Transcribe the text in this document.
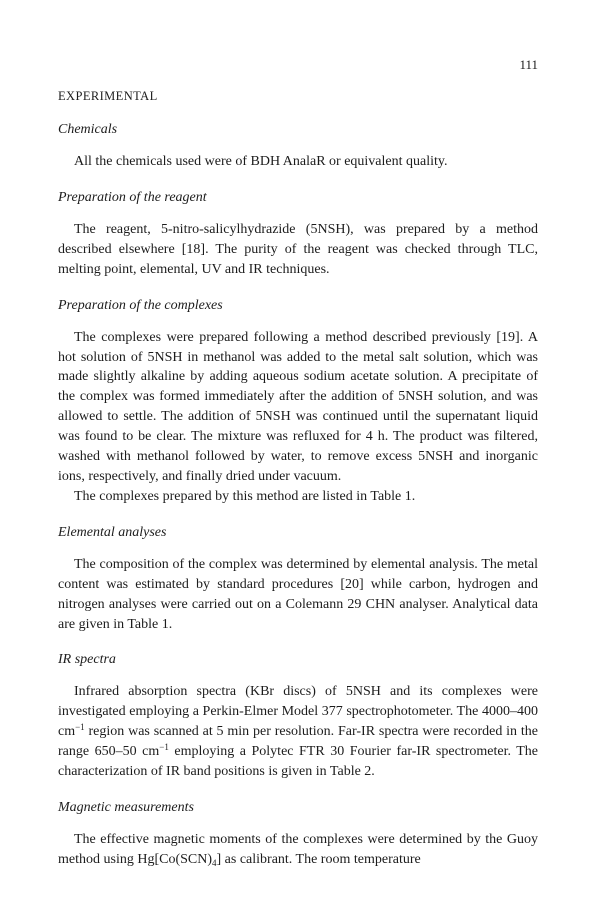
111
EXPERIMENTAL
Chemicals

All the chemicals used were of BDH AnalaR or equivalent quality.

Preparation of the reagent

The reagent, 5-nitro-salicylhydrazide (5NSH), was prepared by a method described elsewhere [18]. The purity of the reagent was checked through TLC, melting point, elemental, UV and IR techniques.

Preparation of the complexes

The complexes were prepared following a method described previously [19]. A hot solution of 5NSH in methanol was added to the metal salt solution, which was made slightly alkaline by adding aqueous sodium acetate solution. A precipitate of the complex was formed immediately after the addition of 5NSH solution, and was allowed to settle. The addition of 5NSH was continued until the supernatant liquid was found to be clear. The mixture was refluxed for 4 h. The product was filtered, washed with methanol followed by water, to remove excess 5NSH and inorganic ions, respectively, and finally dried under vacuum.

The complexes prepared by this method are listed in Table 1.

Elemental analyses

The composition of the complex was determined by elemental analysis. The metal content was estimated by standard procedures [20] while carbon, hydrogen and nitrogen analyses were carried out on a Colemann 29 CHN analyser. Analytical data are given in Table 1.

IR spectra

Infrared absorption spectra (KBr discs) of 5NSH and its complexes were investigated employing a Perkin-Elmer Model 377 spectrophotometer. The 4000–400 $cm^{-1}$ region was scanned at 5 min per resolution. Far-IR spectra were recorded in the range 650–50 $cm^{-1}$ employing a Polytec FTR 30 Fourier far-IR spectrometer. The characterization of IR band positions is given in Table 2.

Magnetic measurements

The effective magnetic moments of the complexes were determined by the Guoy method using $Hg[Co(SCN)_4]$ as calibrant. The room temperature
